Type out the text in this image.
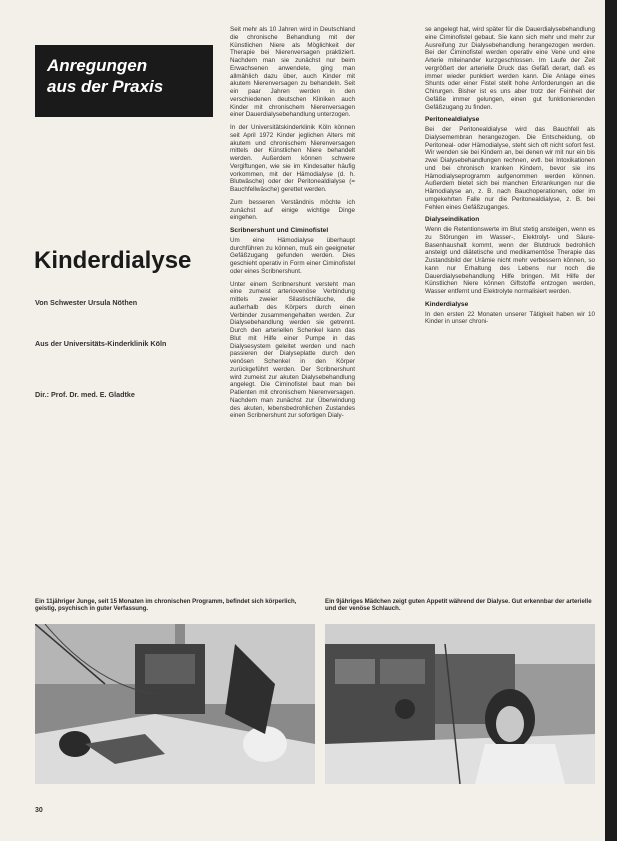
Anregungen
aus der Praxis
Kinderdialyse
Von Schwester Ursula Nöthen
Aus der Universitäts-Kinderklinik Köln
Dir.: Prof. Dr. med. E. Gladtke

Seit mehr als 10 Jahren wird in Deutschland die chronische Behandlung mit der Künstlichen Niere als Möglichkeit der Therapie bei Nierenversagen praktiziert. Nachdem man sie zunächst nur beim Erwachsenen anwendete, ging man allmählich dazu über, auch Kinder mit akutem Nierenversagen zu behandeln. Seit ein paar Jahren werden in den verschiedenen deutschen Kliniken auch Kinder mit chronischem Nierenversagen einer Dauerdialysebehandlung unterzogen.

In der Universitätskinderklinik Köln können seit April 1972 Kinder jeglichen Alters mit akutem und chronischem Nierenversagen mittels der Künstlichen Niere behandelt werden. Außerdem können schwere Vergiftungen, wie sie im Kindesalter häufig vorkommen, mit der Hämodialyse (d. h. Blutwäsche) oder der Peritonealdialyse (= Bauchfellwäsche) gerettet werden.

Zum besseren Verständnis möchte ich zunächst auf einige wichtige Dinge eingehen.

Scribnershunt und Ciminofistel

Um eine Hämodialyse überhaupt durchführen zu können, muß ein geeigneter Gefäßzugang gefunden werden. Dies geschieht operativ in Form einer Ciminofistel oder eines Scribnershunt.

Unter einem Scribnershunt versteht man eine zumeist arteriovenöse Verbindung mittels zweier Silastischläuche, die außerhalb des Körpers durch einen Verbinder zusammengehalten werden. Zur Dialysebehandlung werden sie getrennt. Durch den arteriellen Schenkel kann das Blut mit Hilfe einer Pumpe in das Dialysesystem geleitet werden und nach passieren der Dialyseplatte durch den venösen Schenkel in den Körper zurückgeführt werden. Der Scribnershunt wird zumeist zur akuten Dialysebehandlung angelegt. Die Ciminofistel baut man bei Patienten mit chronischem Nierenversagen. Nachdem man zunächst zur Überwindung des akuten, lebensbedrohlichen Zustandes einen Scribnershunt zur sofortigen Dialy-

se angelegt hat, wird später für die Dauerdialysebehandlung eine Ciminofistel gebaut. Sie kann sich mehr und mehr zur Ausreifung zur Dialysebehandlung herangezogen werden. Bei der Ciminofistel werden operativ eine Vene und eine Arterie miteinander kurzgeschlossen. Im Laufe der Zeit vergrößert der arterielle Druck das Gefäß derart, daß es immer wieder punktiert werden kann. Die Anlage eines Shunts oder einer Fistel stellt hohe Anforderungen an die Chirurgen. Bisher ist es uns aber trotz der Feinheit der Gefäße immer gelungen, einen gut funktionierenden Gefäßzugang zu finden.

Peritonealdialyse

Bei der Peritonealdialyse wird das Bauchfell als Dialysemembran herangezogen. Die Entscheidung, ob Peritoneal- oder Hämodialyse, steht sich oft nicht sofort fest. Wir wenden sie bei Kindern an, bei denen wir mit nur ein bis zwei Dialysebehandlungen rechnen, evtl. bei Intoxikationen und bei chronisch kranken Kindern, bevor sie ins Hämodialyseprogramm aufgenommen werden können. Außerdem bietet sich bei manchen Erkrankungen nur die Hämodialyse an, z. B. nach Bauchoperationen, oder im umgekehrten Falle nur die Peritonealdialyse, z. B. bei Fehlen eines Gefäßzuganges.

Dialyseindikation

Wenn die Retentionswerte im Blut stetig ansteigen, wenn es zu Störungen im Wasser-, Elektrolyt- und Säure-Basenhaushalt kommt, wenn der Blutdruck bedrohlich ansteigt und diätetische und medikamentöse Therapie das Zustandsbild der Urämie nicht mehr verbessern können, so kann nur Erhaltung des Lebens nur noch die Dauerdialysebehandlung Hilfe bringen. Mit Hilfe der Künstlichen Niere können Giftstoffe entzogen werden, Wasser entfernt und Elektrolyte normalisiert werden.

Kinderdialyse

In den ersten 22 Monaten unserer Tätigkeit haben wir 10 Kinder in unser chroni-

Ein 11jähriger Junge, seit 15 Monaten im chronischen Programm, befindet sich körperlich, geistig, psychisch in guter Verfassung.
Ein 9jähriges Mädchen zeigt guten Appetit während der Dialyse. Gut erkennbar der arterielle und der venöse Schlauch.
30
